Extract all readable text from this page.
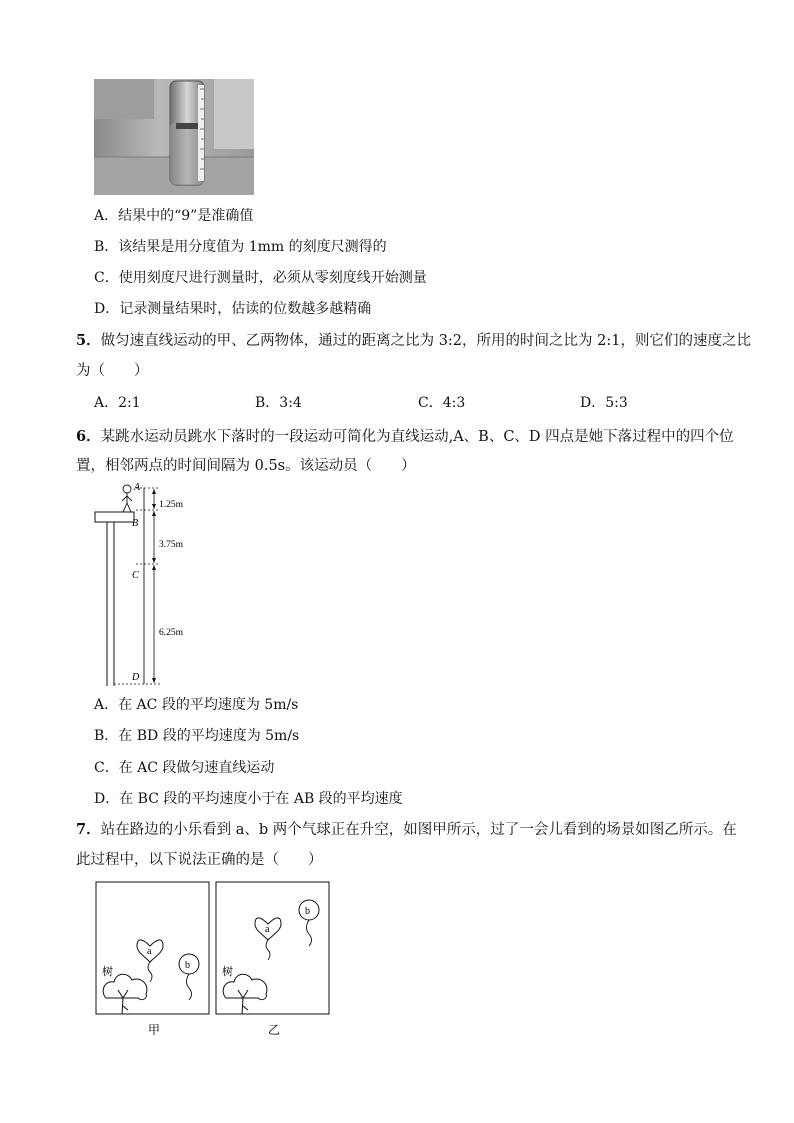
A．结果中的“9”是准确值
B．该结果是用分度值为 1mm 的刻度尺测得的
C．使用刻度尺进行测量时，必须从零刻度线开始测量
D．记录测量结果时，估读的位数越多越精确
5．做匀速直线运动的甲、乙两物体，通过的距离之比为 3:2，所用的时间之比为 2:1，则它们的速度之比
为（　　）
A．2:1	B．3:4	C．4:3	D．5:3
6．某跳水运动员跳水下落时的一段运动可简化为直线运动,A、B、C、D 四点是她下落过程中的四个位
置，相邻两点的时间间隔为 0.5s。该运动员（　　）
A
B
C
D
1.25m
3.75m
6.25m
A．在 AC 段的平均速度为 5m/s
B．在 BD 段的平均速度为 5m/s
C．在 AC 段做匀速直线运动
D．在 BC 段的平均速度小于在 AB 段的平均速度
7．站在路边的小乐看到 a、b 两个气球正在升空，如图甲所示，过了一会儿看到的场景如图乙所示。在
此过程中，以下说法正确的是（　　）
a
b
树
甲
a
b
树
乙
